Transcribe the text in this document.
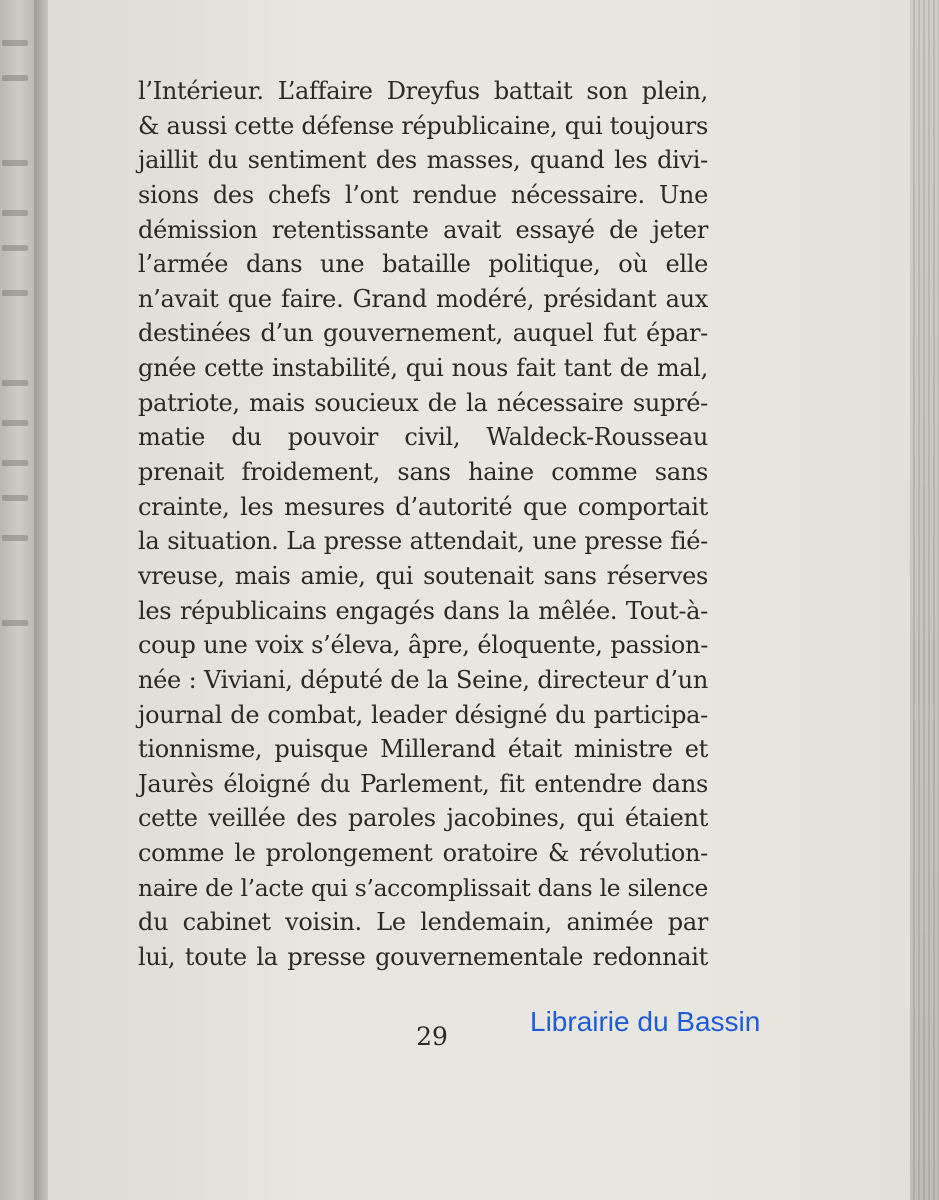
l’Intérieur. L’affaire Dreyfus battait son plein,
& aussi cette défense républicaine, qui toujours
jaillit du sentiment des masses, quand les divi-
sions des chefs l’ont rendue nécessaire. Une
démission retentissante avait essayé de jeter
l’armée dans une bataille politique, où elle
n’avait que faire. Grand modéré, présidant aux
destinées d’un gouvernement, auquel fut épar-
gnée cette instabilité, qui nous fait tant de mal,
patriote, mais soucieux de la nécessaire supré-
matie du pouvoir civil, Waldeck-Rousseau
prenait froidement, sans haine comme sans
crainte, les mesures d’autorité que comportait
la situation. La presse attendait, une presse fié-
vreuse, mais amie, qui soutenait sans réserves
les républicains engagés dans la mêlée. Tout-à-
coup une voix s’éleva, âpre, éloquente, passion-
née : Viviani, député de la Seine, directeur d’un
journal de combat, leader désigné du participa-
tionnisme, puisque Millerand était ministre et
Jaurès éloigné du Parlement, fit entendre dans
cette veillée des paroles jacobines, qui étaient
comme le prolongement oratoire & révolution-
naire de l’acte qui s’accomplissait dans le silence
du cabinet voisin. Le lendemain, animée par
lui, toute la presse gouvernementale redonnait
29	Librairie du Bassin
